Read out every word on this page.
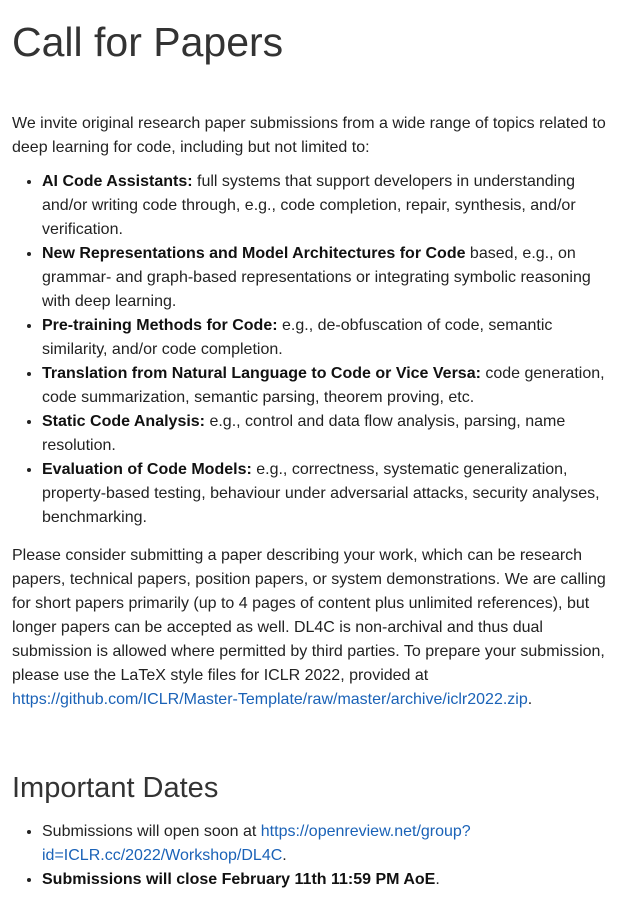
Call for Papers

We invite original research paper submissions from a wide range of topics related to deep learning for code, including but not limited to:

• AI Code Assistants: full systems that support developers in understanding and/or writing code through, e.g., code completion, repair, synthesis, and/or verification.
• New Representations and Model Architectures for Code based, e.g., on grammar- and graph-based representations or integrating symbolic reasoning with deep learning.
• Pre-training Methods for Code: e.g., de-obfuscation of code, semantic similarity, and/or code completion.
• Translation from Natural Language to Code or Vice Versa: code generation, code summarization, semantic parsing, theorem proving, etc.
• Static Code Analysis: e.g., control and data flow analysis, parsing, name resolution.
• Evaluation of Code Models: e.g., correctness, systematic generalization, property-based testing, behaviour under adversarial attacks, security analyses, benchmarking.

Please consider submitting a paper describing your work, which can be research papers, technical papers, position papers, or system demonstrations. We are calling for short papers primarily (up to 4 pages of content plus unlimited references), but longer papers can be accepted as well. DL4C is non-archival and thus dual submission is allowed where permitted by third parties. To prepare your submission, please use the LaTeX style files for ICLR 2022, provided at https://github.com/ICLR/Master-Template/raw/master/archive/iclr2022.zip.

Important Dates
• Submissions will open soon at https://openreview.net/group?id=ICLR.cc/2022/Workshop/DL4C.
• Submissions will close February 11th 11:59 PM AoE.
